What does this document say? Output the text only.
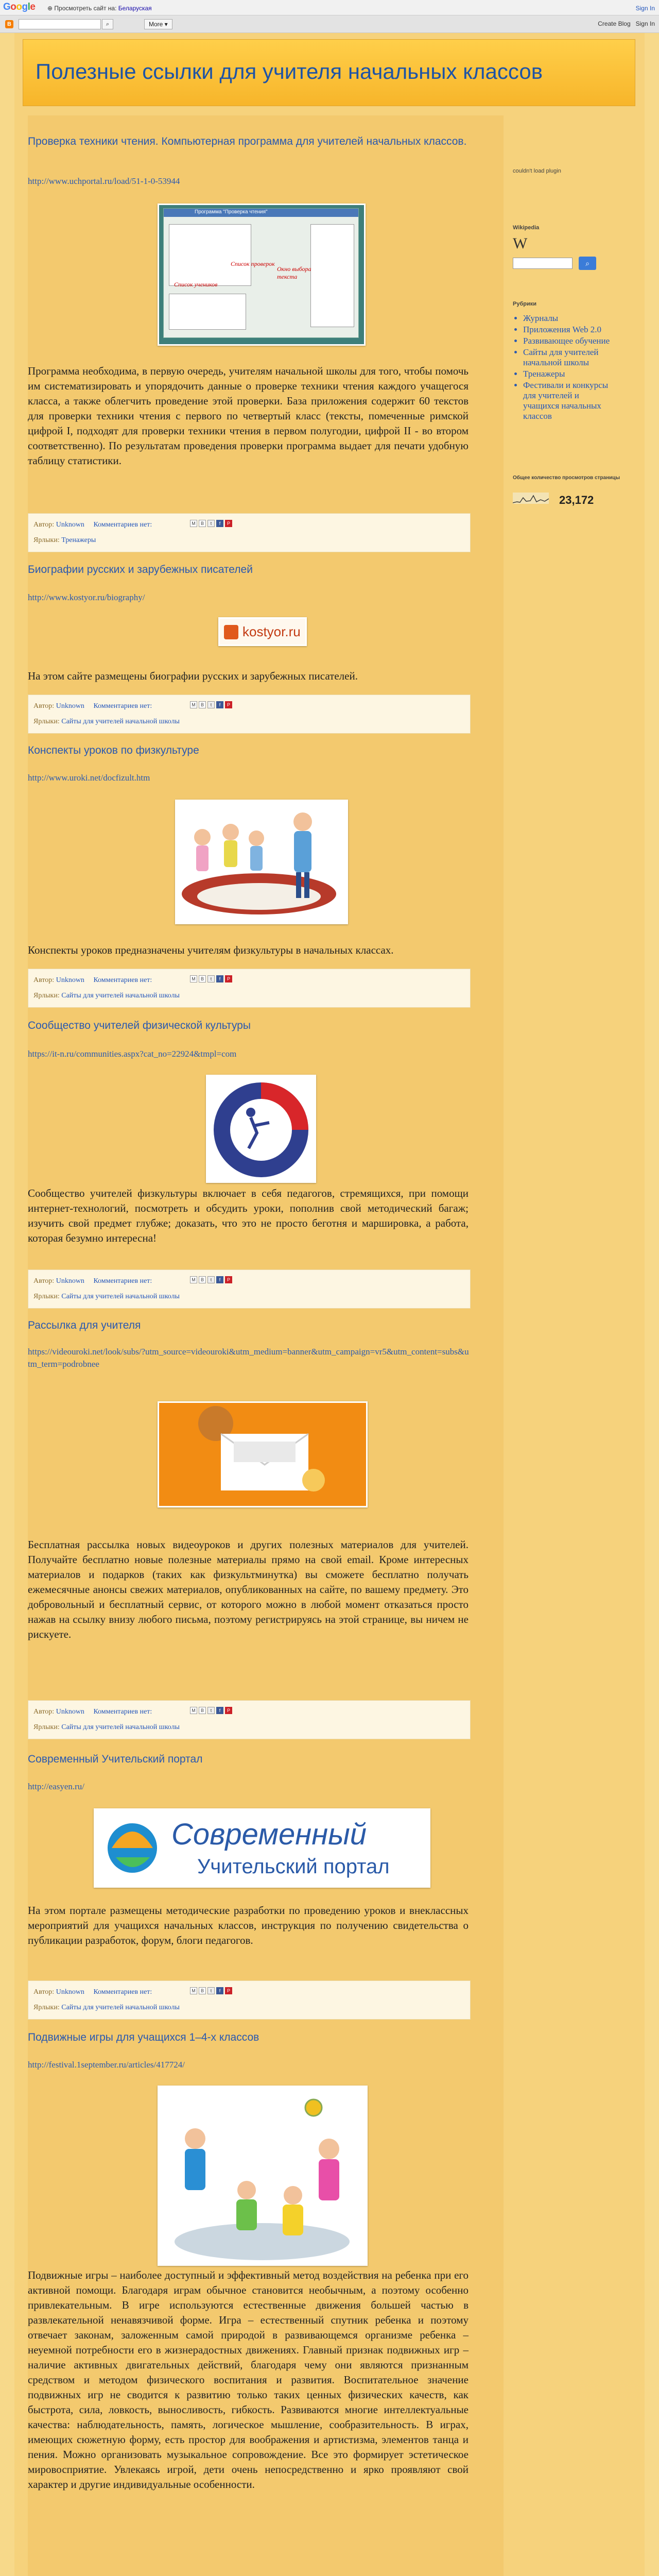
Google ⊕ Просмотреть сайт на: Беларуская	Sign In
B	⌕	More ▾	Create Blog Sign In
Полезные ссылки для учителя начальных классов
Проверка техники чтения. Компьютерная программа для учителей начальных классов.
http://www.uchportal.ru/load/51-1-0-53944
Программа "Проверка чтения"
Список проверок
Список учеников
Окно выбора текста
Программа необходима, в первую очередь, учителям начальной школы для того, чтобы помочь им систематизировать и упорядочить данные о проверке техники чтения каждого учащегося класса, а также облегчить проведение этой проверки. База приложения содержит 60 текстов для проверки техники чтения с первого по четвертый класс (тексты, помеченные римской цифрой I, подходят для проверки техники чтения в первом полугодии, цифрой II - во втором соответственно). По результатам проведения проверки программа выдает для печати удобную таблицу статистики.
Автор: Unknown Комментариев нет:	M B t f P
Ярлыки: Тренажеры
Биографии русских и зарубежных писателей
http://www.kostyor.ru/biography/
kostyor.ru
На этом сайте размещены биографии русских и зарубежных писателей.
Автор: Unknown Комментариев нет:	M B t f P
Ярлыки: Сайты для учителей начальной школы
Конспекты уроков по физкультуре
http://www.uroki.net/docfizult.htm
Конспекты уроков предназначены учителям физкультуры в начальных классах.
Автор: Unknown Комментариев нет:	M B t f P
Ярлыки: Сайты для учителей начальной школы
Сообщество учителей физической культуры
https://it-n.ru/communities.aspx?cat_no=22924&tmpl=com
Сообщество учителей физкультуры включает в себя педагогов, стремящихся, при помощи интернет-технологий, посмотреть и обсудить уроки, пополнив свой методический багаж; изучить свой предмет глубже; доказать, что это не просто беготня и маршировка, а работа, которая безумно интересна!
Автор: Unknown Комментариев нет:	M B t f P
Ярлыки: Сайты для учителей начальной школы
Рассылка для учителя
https://videouroki.net/look/subs/?utm_source=videouroki&utm_medium=banner&utm_campaign=vr5&utm_content=subs&utm_term=podrobnee
Бесплатная рассылка новых видеоуроков и других полезных материалов для учителей. Получайте бесплатно новые полезные материалы прямо на свой email. Кроме интересных материалов и подарков (таких как физкультминутка) вы сможете бесплатно получать ежемесячные анонсы свежих материалов, опубликованных на сайте, по вашему предмету. Это добровольный и бесплатный сервис, от которого можно в любой момент отказаться просто нажав на ссылку внизу любого письма, поэтому регистрируясь на этой странице, вы ничем не рискуете.
Автор: Unknown Комментариев нет:	M B t f P
Ярлыки: Сайты для учителей начальной школы
Современный Учительский портал
http://easyen.ru/
Современный
Учительский портал
На этом портале размещены методические разработки по проведению уроков и внеклассных мероприятий для учащихся начальных классов, инструкция по получению свидетельства о публикации разработок, форум, блоги педагогов.
Автор: Unknown Комментариев нет:	M B t f P
Ярлыки: Сайты для учителей начальной школы
Подвижные игры для учащихся 1–4-х классов
http://festival.1september.ru/articles/417724/
Подвижные игры – наиболее доступный и эффективный метод воздействия на ребенка при его активной помощи. Благодаря играм обычное становится необычным, а поэтому особенно привлекательным. В игре используются естественные движения большей частью в развлекательной ненавязчивой форме. Игра – естественный спутник ребенка и поэтому отвечает законам, заложенным самой природой в развивающемся организме ребенка – неуемной потребности его в жизнерадостных движениях. Главный признак подвижных игр – наличие активных двигательных действий, благодаря чему они являются признанным средством и методом физического воспитания и развития. Воспитательное значение подвижных игр не сводится к развитию только таких ценных физических качеств, как быстрота, сила, ловкость, выносливость, гибкость. Развиваются многие интеллектуальные качества: наблюдательность, память, логическое мышление, сообразительность. В играх, имеющих сюжетную форму, есть простор для воображения и артистизма, элементов танца и пения. Можно организовать музыкальное сопровождение. Все это формирует эстетическое мировосприятие. Увлекаясь игрой, дети очень непосредственно и ярко проявляют свой характер и другие индивидуальные особенности.

couldn't load plugin
Wikipedia
W
⌕
Рубрики
• Журналы
• Приложения Web 2.0
• Развивающее обучение
• Сайты для учителей начальной школы
• Тренажеры
• Фестивали и конкурсы для учителей и учащихся начальных классов
Общее количество просмотров страницы
23,172
